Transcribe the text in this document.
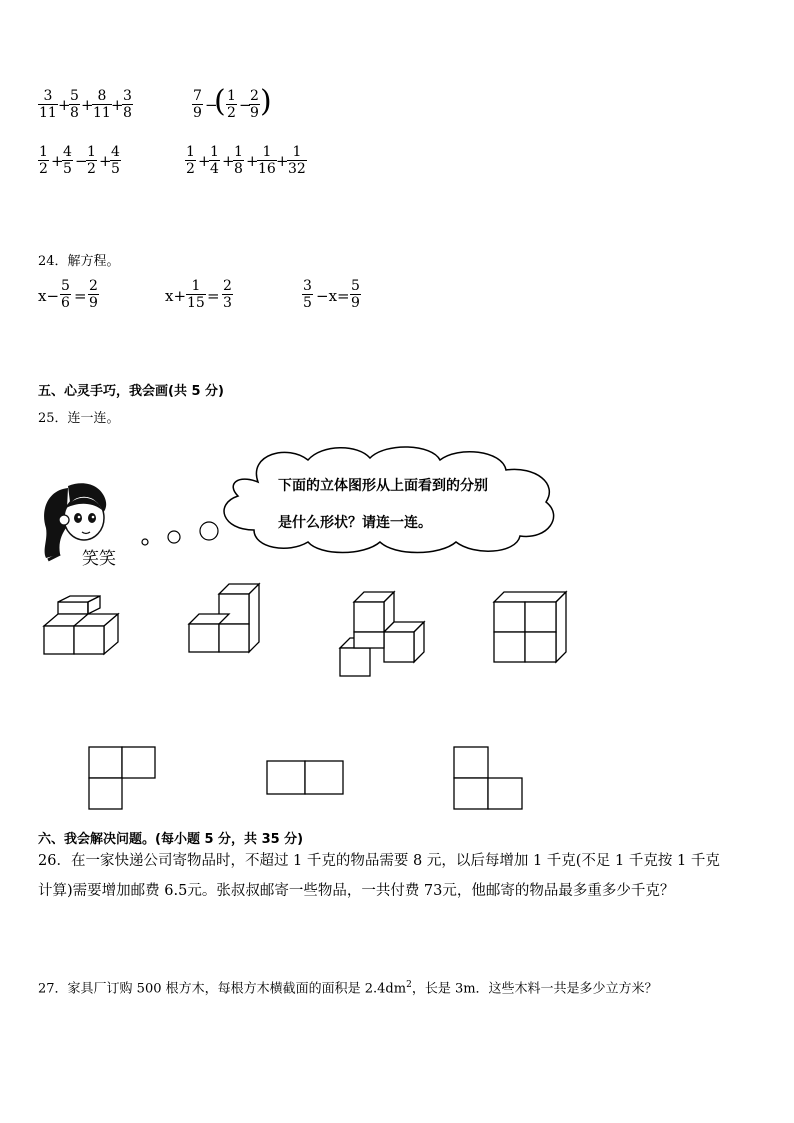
$\frac{3}{11}$ +
$\frac{5}{8}$ +
$\frac{8}{11}$ +
$\frac{3}{8}$	$\frac{7}{9}$ −
( $\frac{1}{2}$ −
$\frac{2}{9}$ )
$\frac{1}{2}$ +
$\frac{4}{5}$ −
$\frac{1}{2}$ +
$\frac{4}{5}$	$\frac{1}{2}$ +
$\frac{1}{4}$ +
$\frac{1}{8}$ +
$\frac{1}{16}$ +
$\frac{1}{32}$
24．解方程。
$x- \frac{5}{6} = \frac{2}{9}$	$x+ \frac{1}{15} = \frac{2}{3}$	$\frac{3}{5} -x= \frac{5}{9}$
五、心灵手巧，我会画(共 5 分)
25．连一连。
笑笑
下面的立体图形从上面看到的分别
是什么形状？请连一连。
六、我会解决问题。(每小题 5 分，共 35 分)
26．在一家快递公司寄物品时，不超过 1 千克的物品需要 8 元，以后每增加 1 千克(不足 1 千克按 1 千克
计算)需要增加邮费 6.5元。张叔叔邮寄一些物品，一共付费 73元，他邮寄的物品最多重多少千克？
27．家具厂订购 500 根方木，每根方木横截面的面积是 $2.4dm^2$，长是 3m．这些木料一共是多少立方米？
